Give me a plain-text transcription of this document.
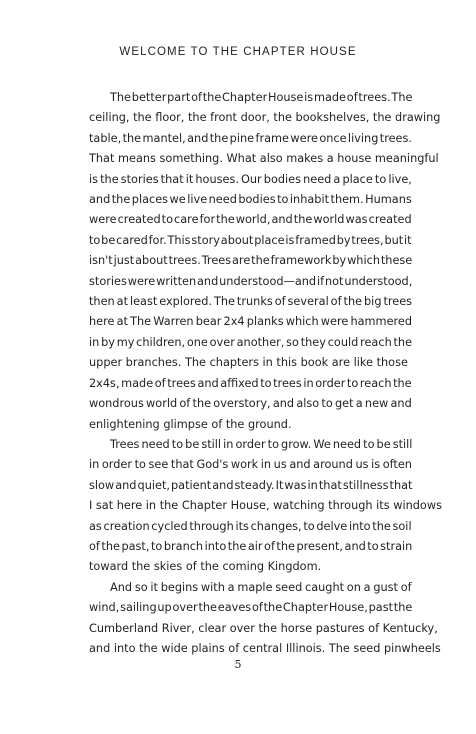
WELCOME TO THE CHAPTER HOUSE
The better part of the Chapter House is made of trees. The
ceiling, the floor, the front door, the bookshelves, the drawing
table, the mantel, and the pine frame were once living trees.
That means something. What also makes a house meaningful
is the stories that it houses. Our bodies need a place to live,
and the places we live need bodies to inhabit them. Humans
were created to care for the world, and the world was created
to be cared for. This story about place is framed by trees, but it
isn't just about trees. Trees are the framework by which these
stories were written and understood—and if not understood,
then at least explored. The trunks of several of the big trees
here at The Warren bear 2x4 planks which were hammered
in by my children, one over another, so they could reach the
upper branches. The chapters in this book are like those
2x4s, made of trees and affixed to trees in order to reach the
wondrous world of the overstory, and also to get a new and
enlightening glimpse of the ground.
Trees need to be still in order to grow. We need to be still
in order to see that God's work in us and around us is often
slow and quiet, patient and steady. It was in that stillness that
I sat here in the Chapter House, watching through its windows
as creation cycled through its changes, to delve into the soil
of the past, to branch into the air of the present, and to strain
toward the skies of the coming Kingdom.
And so it begins with a maple seed caught on a gust of
wind, sailing up over the eaves of the Chapter House, past the
Cumberland River, clear over the horse pastures of Kentucky,
and into the wide plains of central Illinois. The seed pinwheels
5
